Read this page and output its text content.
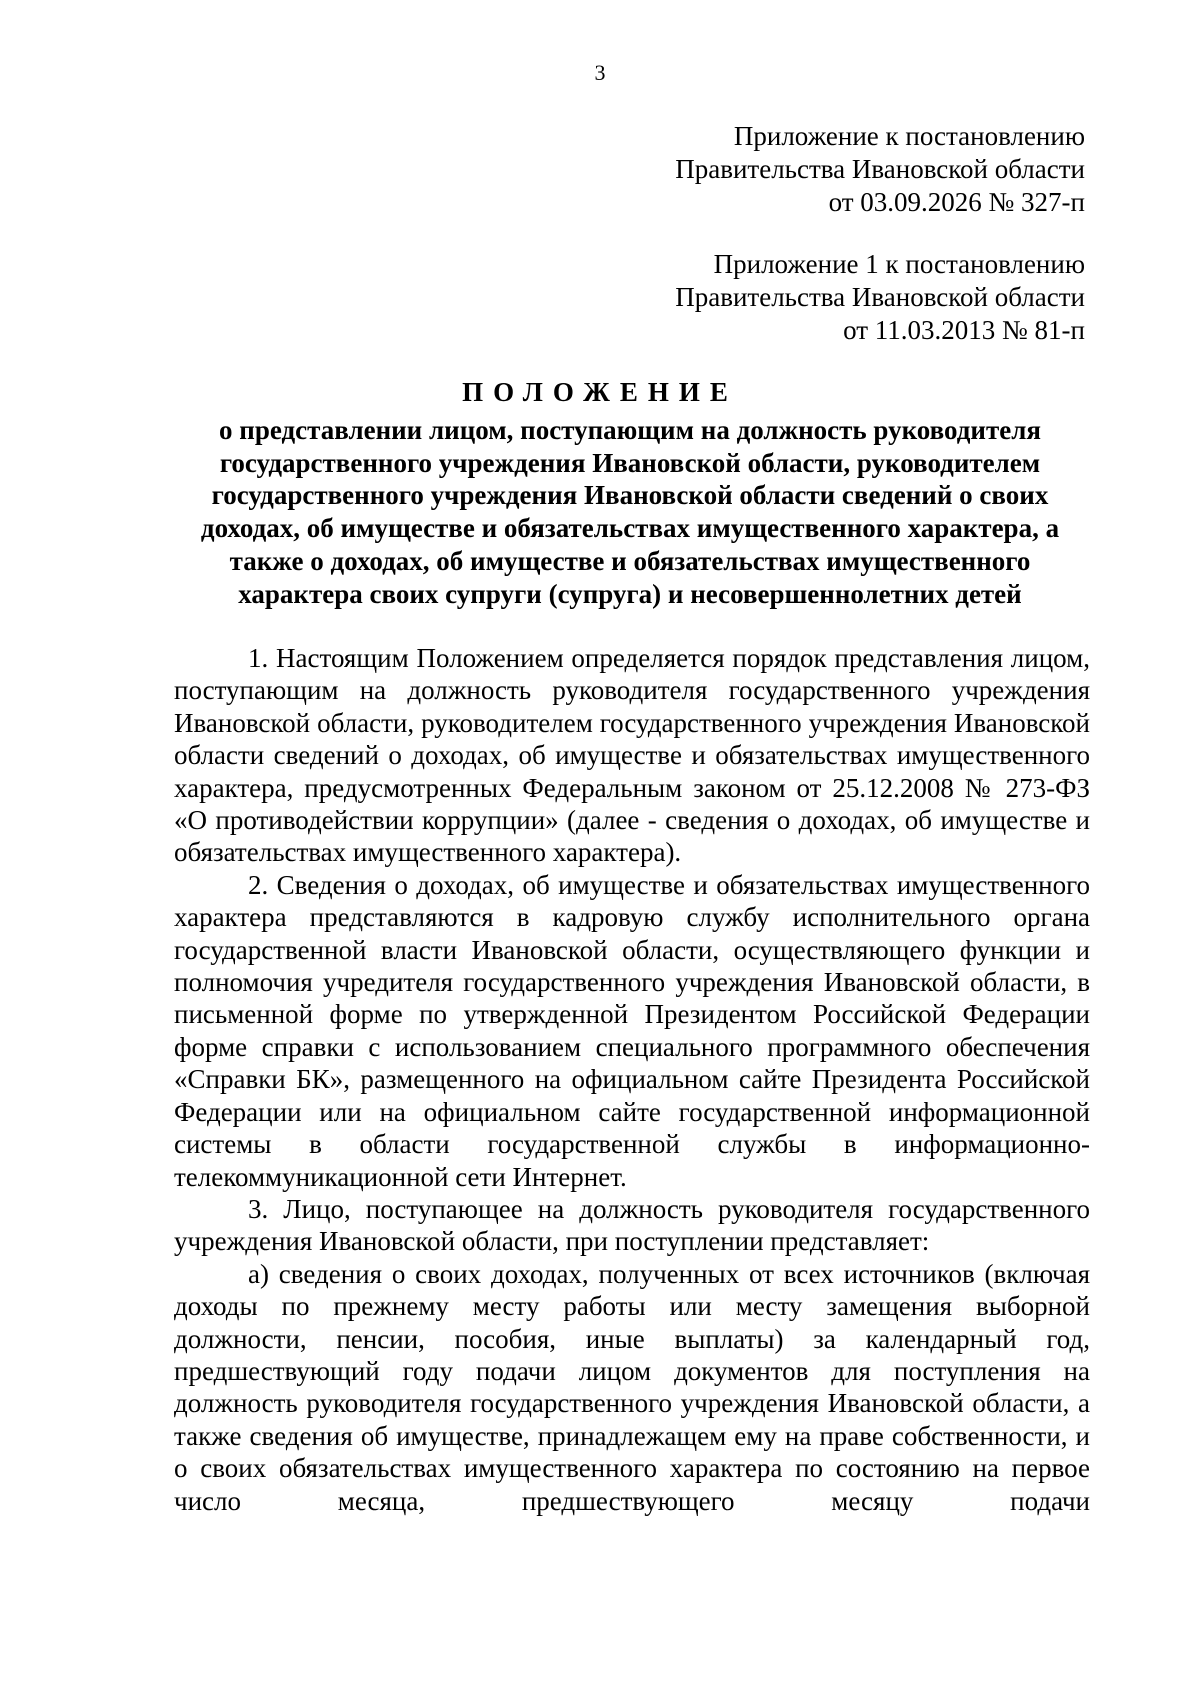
3
Приложение к постановлению
Правительства Ивановской области
от 03.09.2026 № 327-п
Приложение 1 к постановлению
Правительства Ивановской области
от 11.03.2013 № 81-п
ПОЛОЖЕНИЕ
о представлении лицом, поступающим на должность руководителя государственного учреждения Ивановской области, руководителем государственного учреждения Ивановской области сведений о своих доходах, об имуществе и обязательствах имущественного характера, а также о доходах, об имуществе и обязательствах имущественного характера своих супруги (супруга) и несовершеннолетних детей

1. Настоящим Положением определяется порядок представления лицом, поступающим на должность руководителя государственного учреждения Ивановской области, руководителем государственного учреждения Ивановской области сведений о доходах, об имуществе и обязательствах имущественного характера, предусмотренных Федеральным законом от 25.12.2008 № 273-ФЗ «О противодействии коррупции» (далее - сведения о доходах, об имуществе и обязательствах имущественного характера).

2. Сведения о доходах, об имуществе и обязательствах имущественного характера представляются в кадровую службу исполнительного органа государственной власти Ивановской области, осуществляющего функции и полномочия учредителя государственного учреждения Ивановской области, в письменной форме по утвержденной Президентом Российской Федерации форме справки с использованием специального программного обеспечения «Справки БК», размещенного на официальном сайте Президента Российской Федерации или на официальном сайте государственной информационной системы в области государственной службы в информационно-телекоммуникационной сети Интернет.

3. Лицо, поступающее на должность руководителя государственного учреждения Ивановской области, при поступлении представляет:

а) сведения о своих доходах, полученных от всех источников (включая доходы по прежнему месту работы или месту замещения выборной должности, пенсии, пособия, иные выплаты) за календарный год, предшествующий году подачи лицом документов для поступления на должность руководителя государственного учреждения Ивановской области, а также сведения об имуществе, принадлежащем ему на праве собственности, и о своих обязательствах имущественного характера по состоянию на первое число месяца, предшествующего месяцу подачи
